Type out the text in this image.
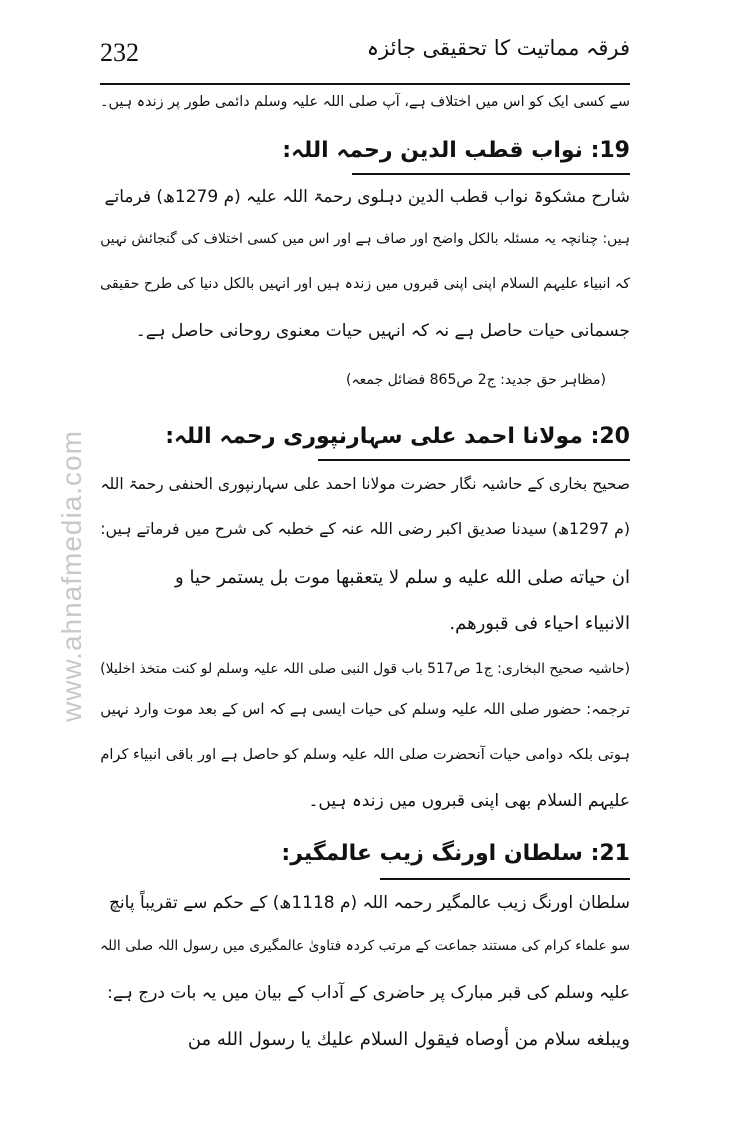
www.ahnafmedia.com
232	فرقہ مماتیت کا تحقیقی جائزہ
سے کسی ایک کو اس میں اختلاف ہے، آپ صلی اللہ علیہ وسلم دائمی طور پر زندہ ہیں۔
19: نواب قطب الدین رحمہ اللہ:
شارح مشکوۃ نواب قطب الدین دہلوی رحمۃ اللہ علیہ (م 1279ھ) فرماتے
ہیں: چنانچہ یہ مسئلہ بالکل واضح اور صاف ہے اور اس میں کسی اختلاف کی گنجائش نہیں
کہ انبیاء علیہم السلام اپنی اپنی قبروں میں زندہ ہیں اور انہیں بالکل دنیا کی طرح حقیقی
جسمانی حیات حاصل ہے نہ کہ انہیں حیات معنوی روحانی حاصل ہے۔
(مظاہر حق جدید: ج2 ص865 فضائل جمعہ)
20: مولانا احمد علی سہارنپوری رحمہ اللہ:
صحیح بخاری کے حاشیہ نگار حضرت مولانا احمد علی سہارنپوری الحنفی رحمۃ اللہ
(م 1297ھ) سیدنا صدیق اکبر رضی اللہ عنہ کے خطبہ کی شرح میں فرماتے ہیں:
ان حیاته صلی الله علیه و سلم لا یتعقبها موت بل یستمر حیا و
الانبیاء احیاء فی قبورهم.
(حاشیہ صحیح البخاری: ج1 ص517 باب قول النبی صلی اللہ علیہ وسلم لو کنت متخذ اخلیلا)
ترجمہ: حضور صلی اللہ علیہ وسلم کی حیات ایسی ہے کہ اس کے بعد موت وارد نہیں
ہوتی بلکہ دوامی حیات آنحضرت صلی اللہ علیہ وسلم کو حاصل ہے اور باقی انبیاء کرام
علیہم السلام بھی اپنی قبروں میں زندہ ہیں۔
21: سلطان اورنگ زیب عالمگیر:
سلطان اورنگ زیب عالمگیر رحمہ اللہ (م 1118ھ) کے حکم سے تقریباً پانچ
سو علماء کرام کی مستند جماعت کے مرتب کردہ فتاویٰ عالمگیری میں رسول اللہ صلی اللہ
علیہ وسلم کی قبر مبارک پر حاضری کے آداب کے بیان میں یہ بات درج ہے:
ویبلغه سلام من أوصاه فیقول السلام علیك یا رسول الله من
